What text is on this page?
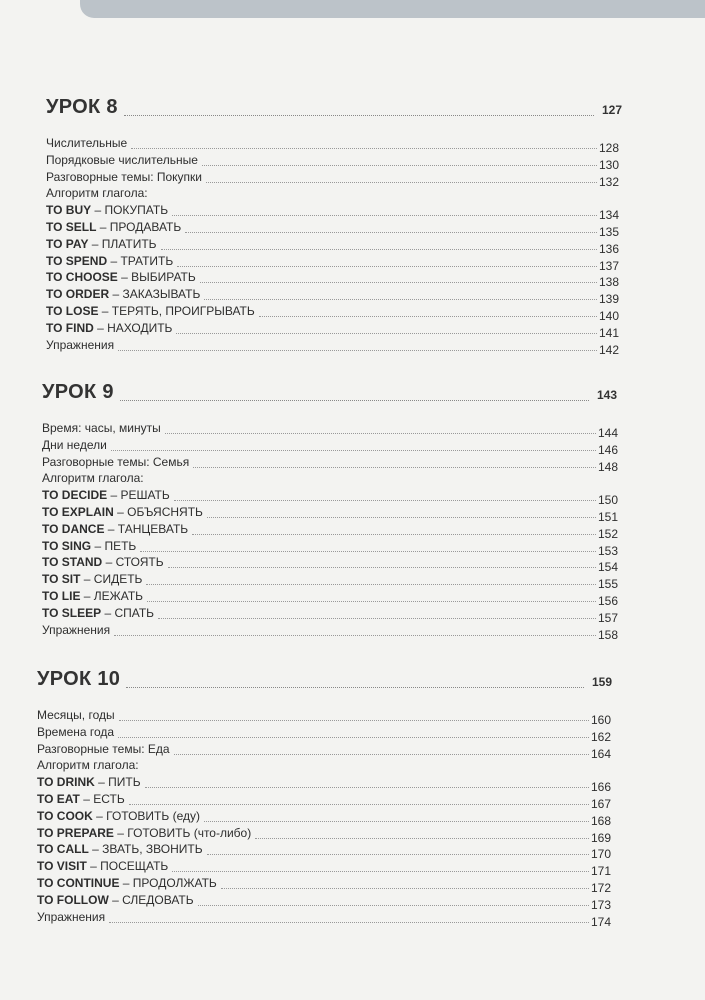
УРОК 8	127
Числительные	128
Порядковые числительные	130
Разговорные темы: Покупки	132
Алгоритм глагола:
TO BUY – ПОКУПАТЬ	134
TO SELL – ПРОДАВАТЬ	135
TO PAY – ПЛАТИТЬ	136
TO SPEND – ТРАТИТЬ	137
TO CHOOSE – ВЫБИРАТЬ	138
TO ORDER – ЗАКАЗЫВАТЬ	139
TO LOSE – ТЕРЯТЬ, ПРОИГРЫВАТЬ	140
TO FIND – НАХОДИТЬ	141
Упражнения	142
УРОК 9	143
Время: часы, минуты	144
Дни недели	146
Разговорные темы: Семья	148
Алгоритм глагола:
TO DECIDE – РЕШАТЬ	150
TO EXPLAIN – ОБЪЯСНЯТЬ	151
TO DANCE – ТАНЦЕВАТЬ	152
TO SING – ПЕТЬ	153
TO STAND – СТОЯТЬ	154
TO SIT – СИДЕТЬ	155
TO LIE – ЛЕЖАТЬ	156
TO SLEEP – СПАТЬ	157
Упражнения	158
УРОК 10	159
Месяцы, годы	160
Времена года	162
Разговорные темы: Еда	164
Алгоритм глагола:
TO DRINK – ПИТЬ	166
TO EAT – ЕСТЬ	167
TO COOK – ГОТОВИТЬ (еду)	168
TO PREPARE – ГОТОВИТЬ (что-либо)	169
TO CALL – ЗВАТЬ, ЗВОНИТЬ	170
TO VISIT – ПОСЕЩАТЬ	171
TO CONTINUE – ПРОДОЛЖАТЬ	172
TO FOLLOW – СЛЕДОВАТЬ	173
Упражнения	174
